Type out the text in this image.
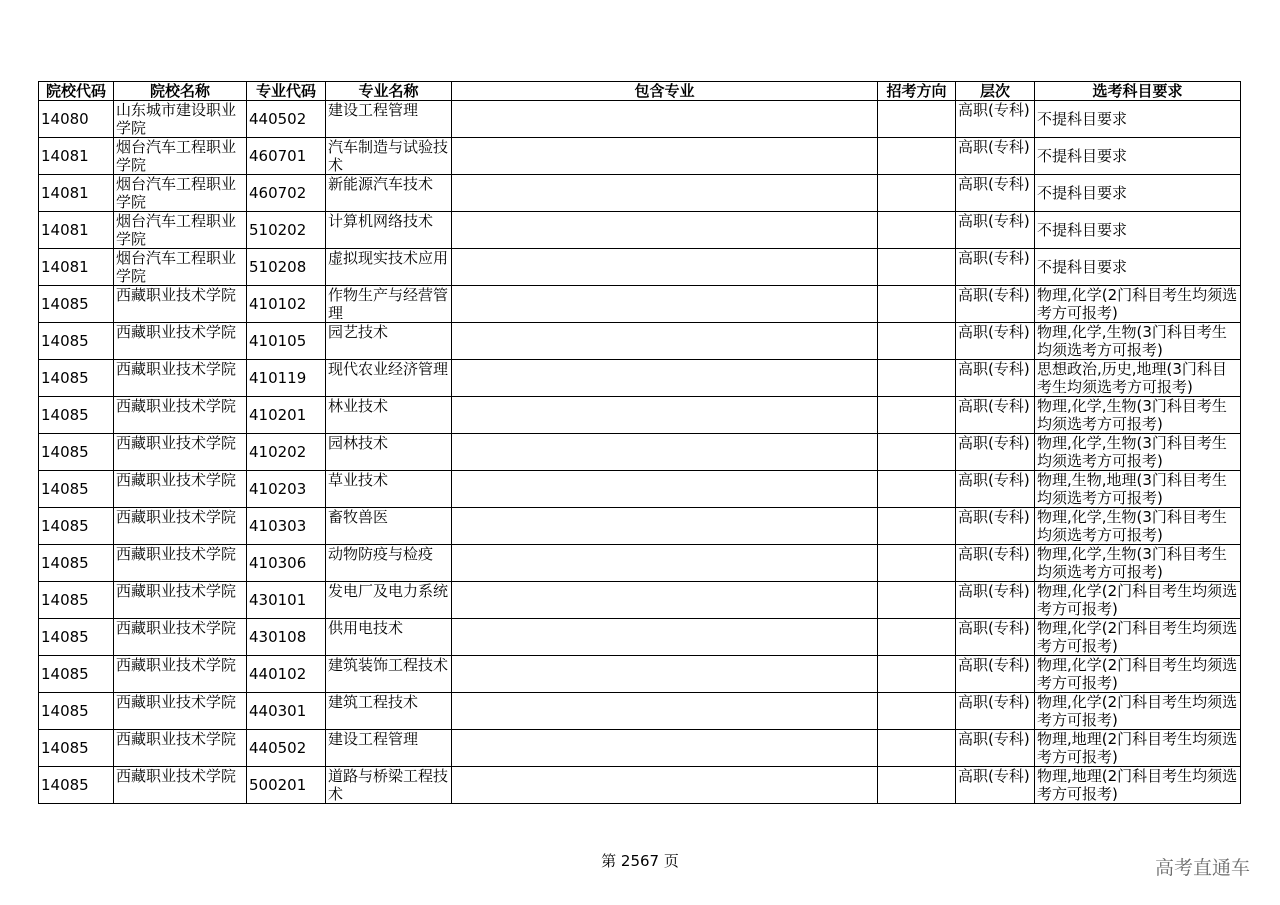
院校代码	院校名称	专业代码	专业名称	包含专业	招考方向	层次	选考科目要求
14080	山东城市建设职业学院	440502	建设工程管理			高职(专科)	不提科目要求
14081	烟台汽车工程职业学院	460701	汽车制造与试验技术			高职(专科)	不提科目要求
14081	烟台汽车工程职业学院	460702	新能源汽车技术			高职(专科)	不提科目要求
14081	烟台汽车工程职业学院	510202	计算机网络技术			高职(专科)	不提科目要求
14081	烟台汽车工程职业学院	510208	虚拟现实技术应用			高职(专科)	不提科目要求
14085	西藏职业技术学院	410102	作物生产与经营管理			高职(专科)	物理,化学(2门科目考生均须选考方可报考)
14085	西藏职业技术学院	410105	园艺技术			高职(专科)	物理,化学,生物(3门科目考生均须选考方可报考)
14085	西藏职业技术学院	410119	现代农业经济管理			高职(专科)	思想政治,历史,地理(3门科目考生均须选考方可报考)
14085	西藏职业技术学院	410201	林业技术			高职(专科)	物理,化学,生物(3门科目考生均须选考方可报考)
14085	西藏职业技术学院	410202	园林技术			高职(专科)	物理,化学,生物(3门科目考生均须选考方可报考)
14085	西藏职业技术学院	410203	草业技术			高职(专科)	物理,生物,地理(3门科目考生均须选考方可报考)
14085	西藏职业技术学院	410303	畜牧兽医			高职(专科)	物理,化学,生物(3门科目考生均须选考方可报考)
14085	西藏职业技术学院	410306	动物防疫与检疫			高职(专科)	物理,化学,生物(3门科目考生均须选考方可报考)
14085	西藏职业技术学院	430101	发电厂及电力系统			高职(专科)	物理,化学(2门科目考生均须选考方可报考)
14085	西藏职业技术学院	430108	供用电技术			高职(专科)	物理,化学(2门科目考生均须选考方可报考)
14085	西藏职业技术学院	440102	建筑装饰工程技术			高职(专科)	物理,化学(2门科目考生均须选考方可报考)
14085	西藏职业技术学院	440301	建筑工程技术			高职(专科)	物理,化学(2门科目考生均须选考方可报考)
14085	西藏职业技术学院	440502	建设工程管理			高职(专科)	物理,地理(2门科目考生均须选考方可报考)
14085	西藏职业技术学院	500201	道路与桥梁工程技术			高职(专科)	物理,地理(2门科目考生均须选考方可报考)
第 2567 页	高考直通车
